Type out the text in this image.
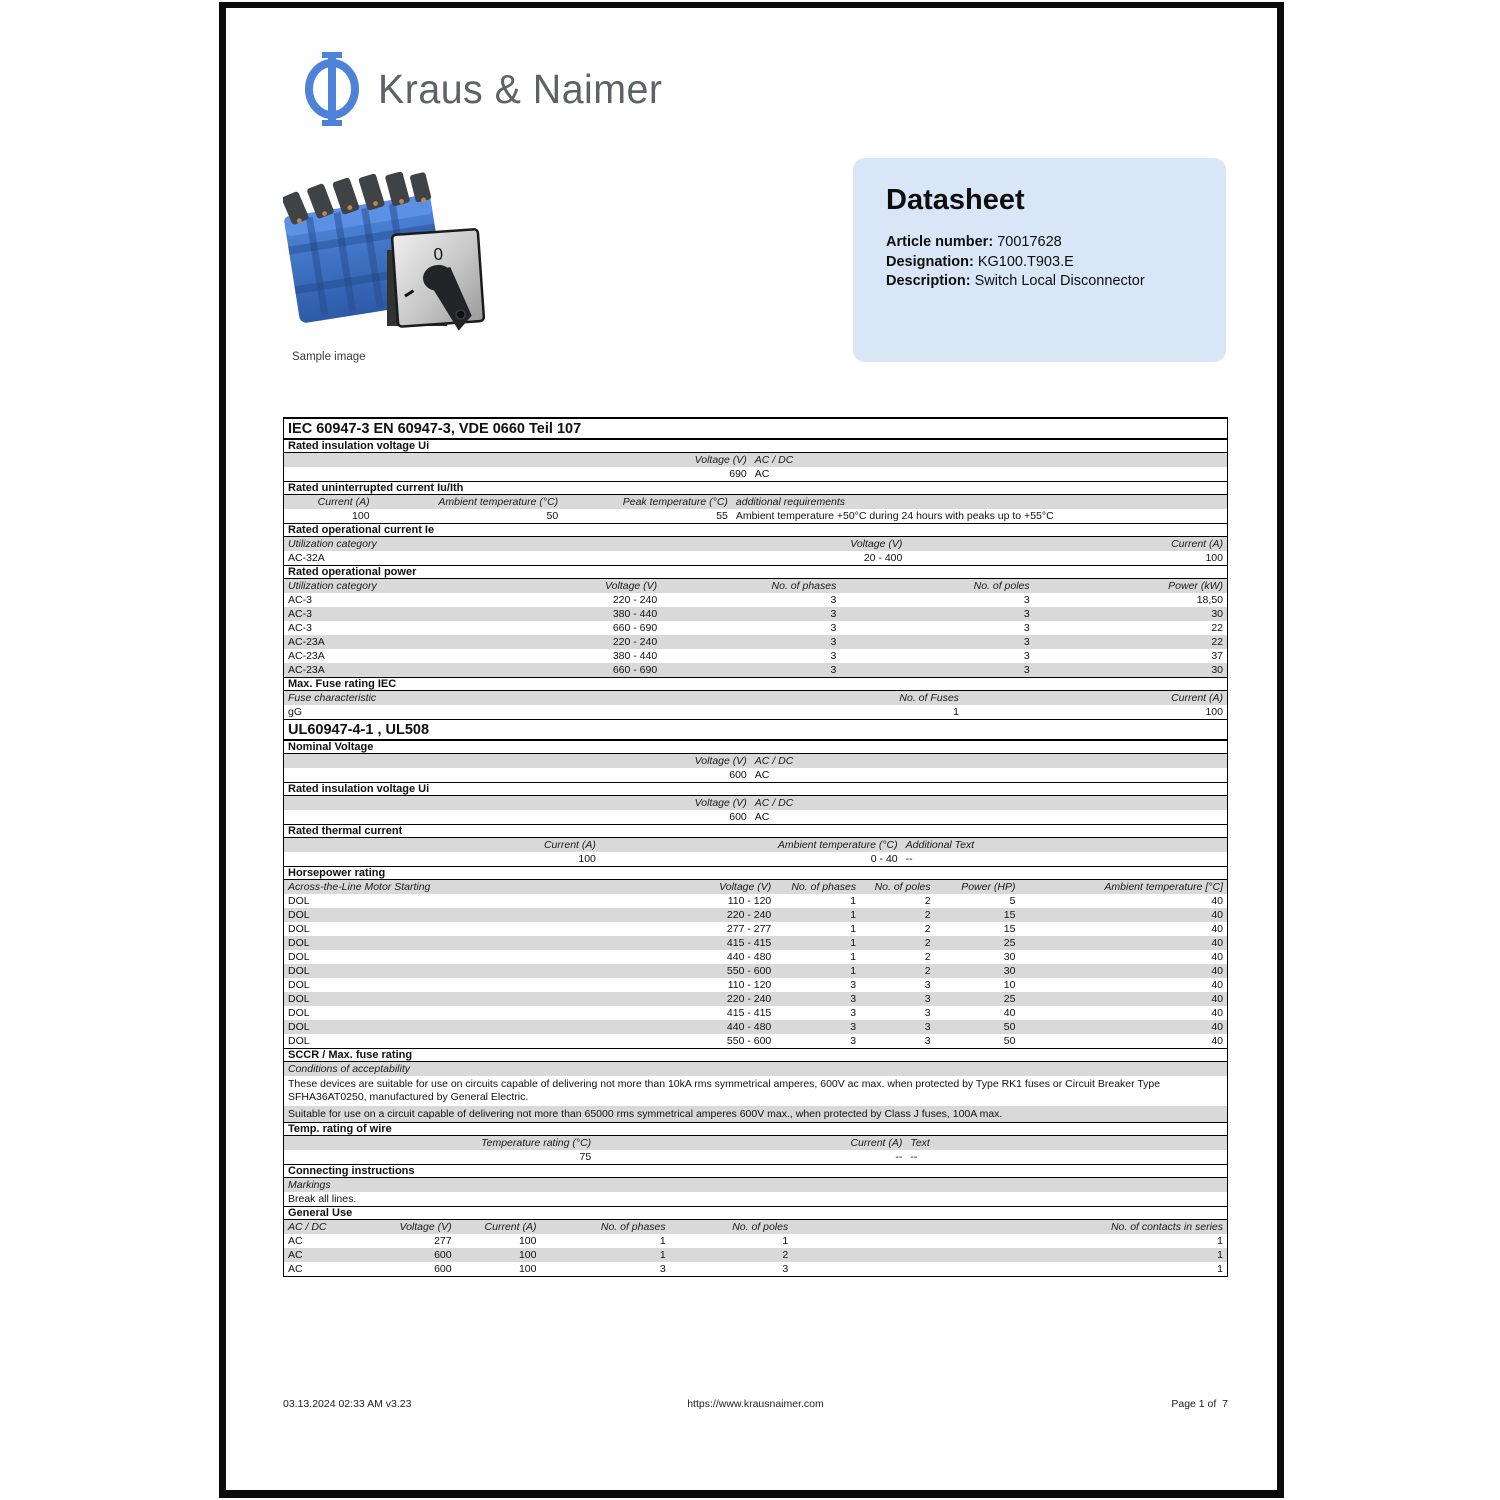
Kraus & Naimer
0
Sample image
Datasheet
Article number: 70017628
Designation: KG100.T903.E
Description: Switch Local Disconnector
IEC 60947-3 EN 60947-3, VDE 0660 Teil 107
Rated insulation voltage Ui
Voltage (V) AC / DC
690 AC
Rated uninterrupted current Iu/Ith
Current (A)	Ambient temperature (°C)	Peak temperature (°C) additional requirements
100	50	55 Ambient temperature +50°C during 24 hours with peaks up to +55°C
Rated operational current Ie
Utilization category	Voltage (V)	Current (A)
AC-32A	20 - 400	100
Rated operational power
Utilization category	Voltage (V)	No. of phases	No. of poles	Power (kW)
AC-3	220 - 240	3	3	18,50
AC-3	380 - 440	3	3	30
AC-3	660 - 690	3	3	22
AC-23A	220 - 240	3	3	22
AC-23A	380 - 440	3	3	37
AC-23A	660 - 690	3	3	30
Max. Fuse rating IEC
Fuse characteristic	No. of Fuses	Current (A)
gG	1	100
UL60947-4-1 , UL508
Nominal Voltage
Voltage (V) AC / DC
600 AC
Rated insulation voltage Ui
Voltage (V) AC / DC
600 AC
Rated thermal current
Current (A)	Ambient temperature (°C) Additional Text
100	0 - 40 --
Horsepower rating
Across-the-Line Motor Starting	Voltage (V)	No. of phases	No. of poles	Power (HP)	Ambient temperature [°C]
DOL	110 - 120	1	2	5	40
DOL	220 - 240	1	2	15	40
DOL	277 - 277	1	2	15	40
DOL	415 - 415	1	2	25	40
DOL	440 - 480	1	2	30	40
DOL	550 - 600	1	2	30	40
DOL	110 - 120	3	3	10	40
DOL	220 - 240	3	3	25	40
DOL	415 - 415	3	3	40	40
DOL	440 - 480	3	3	50	40
DOL	550 - 600	3	3	50	40
SCCR / Max. fuse rating
Conditions of acceptability
These devices are suitable for use on circuits capable of delivering not more than 10kA rms symmetrical amperes, 600V ac max. when protected by Type RK1 fuses or Circuit Breaker Type SFHA36AT0250, manufactured by General Electric.
Suitable for use on a circuit capable of delivering not more than 65000 rms symmetrical amperes 600V max., when protected by Class J fuses, 100A max.
Temp. rating of wire
Temperature rating (°C)	Current (A) Text
75	-- --
Connecting instructions
Markings
Break all lines.
General Use
AC / DC	Voltage (V)	Current (A)	No. of phases	No. of poles	No. of contacts in series
AC	277	100	1	1	1
AC	600	100	1	2	1
AC	600	100	3	3	1
03.13.2024 02:33 AM v3.23	https://www.krausnaimer.com	Page 1 of  7
